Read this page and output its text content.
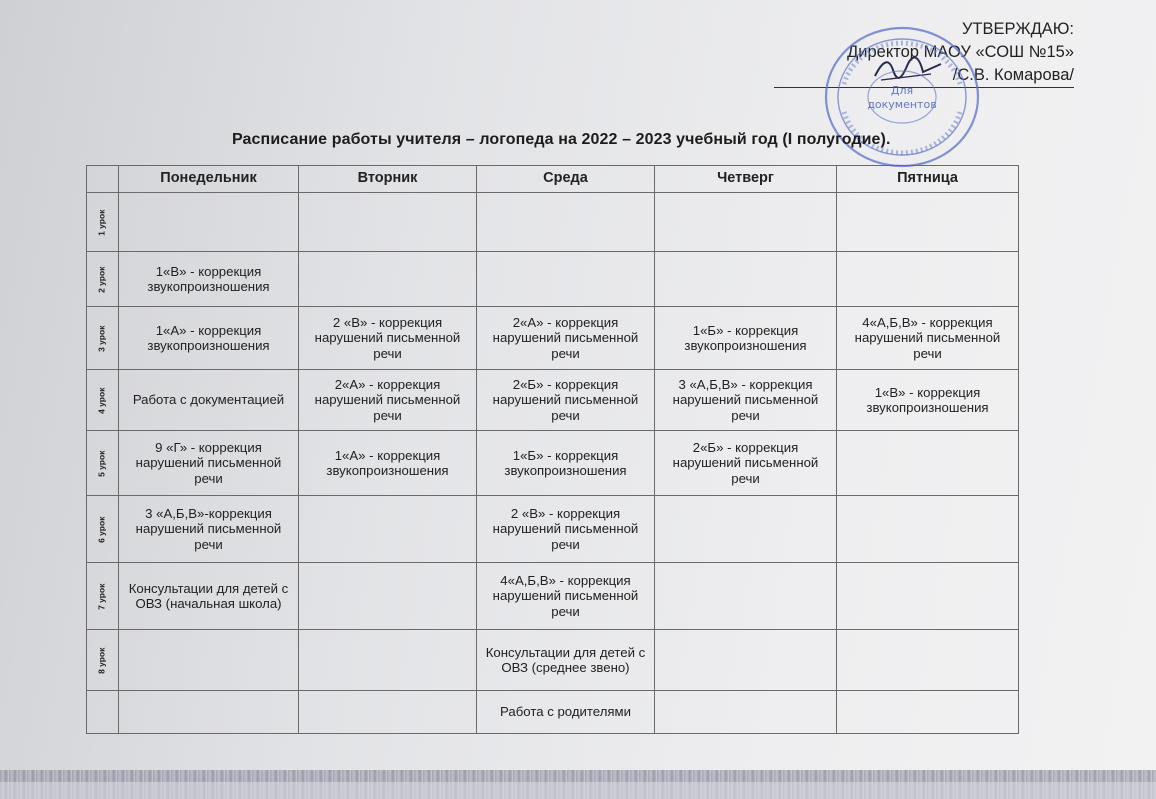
УТВЕРЖДАЮ:
Директор МАОУ «СОШ №15»
/С.В. Комарова/
Для
документов
Расписание работы учителя – логопеда на 2022 – 2023 учебный год (I полугодие).
	Понедельник	Вторник	Среда	Четверг	Пятница
1 урок					
2 урок	1«В» - коррекция звукопроизношения				
3 урок	1«А» - коррекция звукопроизношения	2 «В» - коррекция нарушений письменной речи	2«А» - коррекция нарушений письменной речи	1«Б» - коррекция звукопроизношения	4«А,Б,В» - коррекция нарушений письменной речи
4 урок	Работа с документацией	2«А» - коррекция нарушений письменной речи	2«Б» - коррекция нарушений письменной речи	3 «А,Б,В» - коррекция нарушений письменной речи	1«В» - коррекция звукопроизношения
5 урок	9 «Г» - коррекция нарушений письменной речи	1«А» - коррекция звукопроизношения	1«Б» - коррекция звукопроизношения	2«Б» - коррекция нарушений письменной речи	
6 урок	3 «А,Б,В»-коррекция нарушений письменной речи		2 «В» - коррекция нарушений письменной речи		
7 урок	Консультации для детей с ОВЗ (начальная школа)		4«А,Б,В» - коррекция нарушений письменной речи		
8 урок			Консультации для детей с ОВЗ (среднее звено)		
			Работа с родителями		
